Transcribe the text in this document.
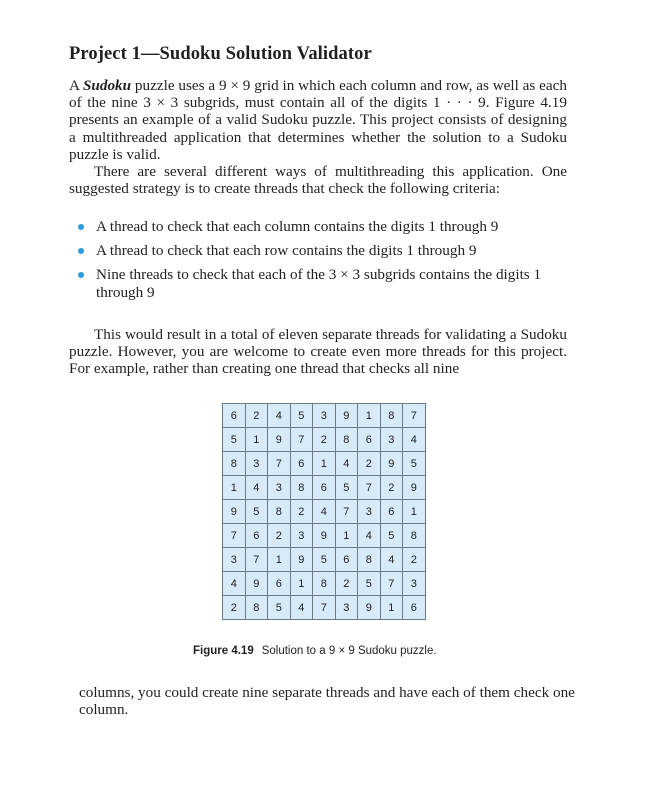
Project 1—Sudoku Solution Validator

A Sudoku puzzle uses a 9 × 9 grid in which each column and row, as well as each of the nine 3 × 3 subgrids, must contain all of the digits 1 · · · 9. Figure 4.19 presents an example of a valid Sudoku puzzle. This project consists of designing a multithreaded application that determines whether the solution to a Sudoku puzzle is valid.

There are several different ways of multithreading this application. One suggested strategy is to create threads that check the following criteria:

A thread to check that each column contains the digits 1 through 9
A thread to check that each row contains the digits 1 through 9
Nine threads to check that each of the 3 × 3 subgrids contains the digits 1 through 9

This would result in a total of eleven separate threads for validating a Sudoku puzzle. However, you are welcome to create even more threads for this project. For example, rather than creating one thread that checks all nine

6	2	4	5	3	9	1	8	7
5	1	9	7	2	8	6	3	4
8	3	7	6	1	4	2	9	5
1	4	3	8	6	5	7	2	9
9	5	8	2	4	7	3	6	1
7	6	2	3	9	1	4	5	8
3	7	1	9	5	6	8	4	2
4	9	6	1	8	2	5	7	3
2	8	5	4	7	3	9	1	6
Figure 4.19 Solution to a 9 × 9 Sudoku puzzle.

columns, you could create nine separate threads and have each of them check one column.
